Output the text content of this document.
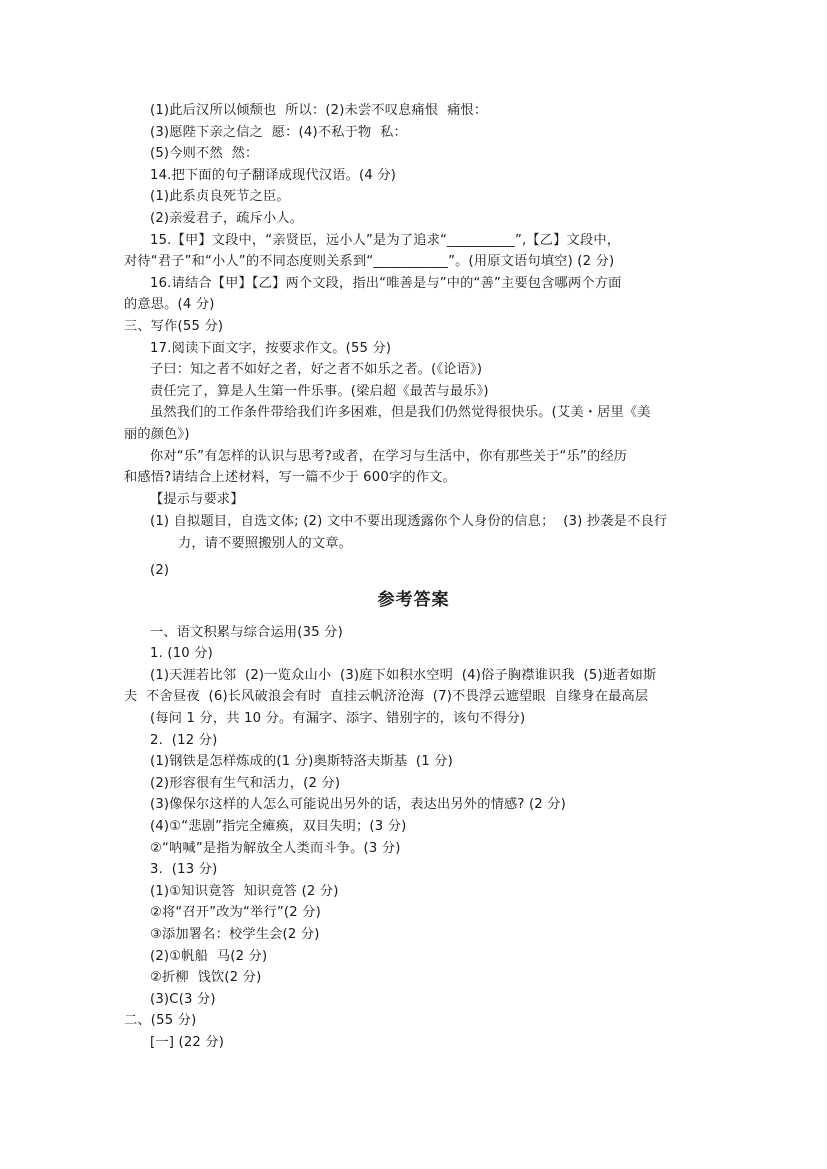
(1)此后汉所以倾颓也  所以：(2)未尝不叹息痛恨  痛恨：
(3)愿陛下亲之信之  愿：(4)不私于物  私：
(5)今则不然  然：
14.把下面的句子翻译成现代汉语。(4 分)
(1)此系贞良死节之臣。
(2)亲爱君子，疏斥小人。
15.【甲】文段中，“亲贤臣，远小人”是为了追求“__________”,【乙】文段中，
对待“君子”和“小人”的不同态度则关系到“___________”。(用原文语句填空) (2 分)
16.请结合【甲】【乙】两个文段，指出“唯善是与”中的“善”主要包含哪两个方面
的意思。(4 分)
三、写作(55 分)
17.阅读下面文字，按要求作文。(55 分)
子曰：知之者不如好之者，好之者不如乐之者。(《论语》)
责任完了，算是人生第一件乐事。(梁启超《最苦与最乐》)
虽然我们的工作条件带给我们许多困难，但是我们仍然觉得很快乐。(艾美・居里《美
丽的颜色》)
你对“乐”有怎样的认识与思考?或者，在学习与生活中，你有那些关于“乐”的经历
和感悟?请结合上述材料，写一篇不少于 600字的作文。
【提示与要求】
(1) 自拟题目，自选文体; (2) 文中不要出现透露你个人身份的信息；  (3) 抄袭是不良行
力，请不要照搬别人的文章。
(2)
参考答案
一、语文积累与综合运用(35 分)
1. (10 分)
(1)天涯若比邻  (2)一览众山小  (3)庭下如积水空明  (4)俗子胸襟谁识我  (5)逝者如斯
夫  不舍昼夜  (6)长风破浪会有时  直挂云帆济沧海  (7)不畏浮云遮望眼  自缘身在最高层
(每问 1 分，共 10 分。有漏字、添字、错别字的，该句不得分)
2.  (12 分)
(1)钢铁是怎样炼成的(1 分)奥斯特洛夫斯基  (1 分)
(2)形容很有生气和活力，(2 分)
(3)像保尔这样的人怎么可能说出另外的话，表达出另外的情感? (2 分)
(4)①“悲剧”指完全瘫痪，双目失明；(3 分)
②“呐喊”是指为解放全人类而斗争。(3 分)
3.  (13 分)
(1)①知识竟答  知识竟答 (2 分)
②将“召开”改为“举行”(2 分)
③添加署名：校学生会(2 分)
(2)①帆船  马(2 分)
②折柳  饯饮(2 分)
(3)C(3 分)
二、(55 分)
[一] (22 分)
